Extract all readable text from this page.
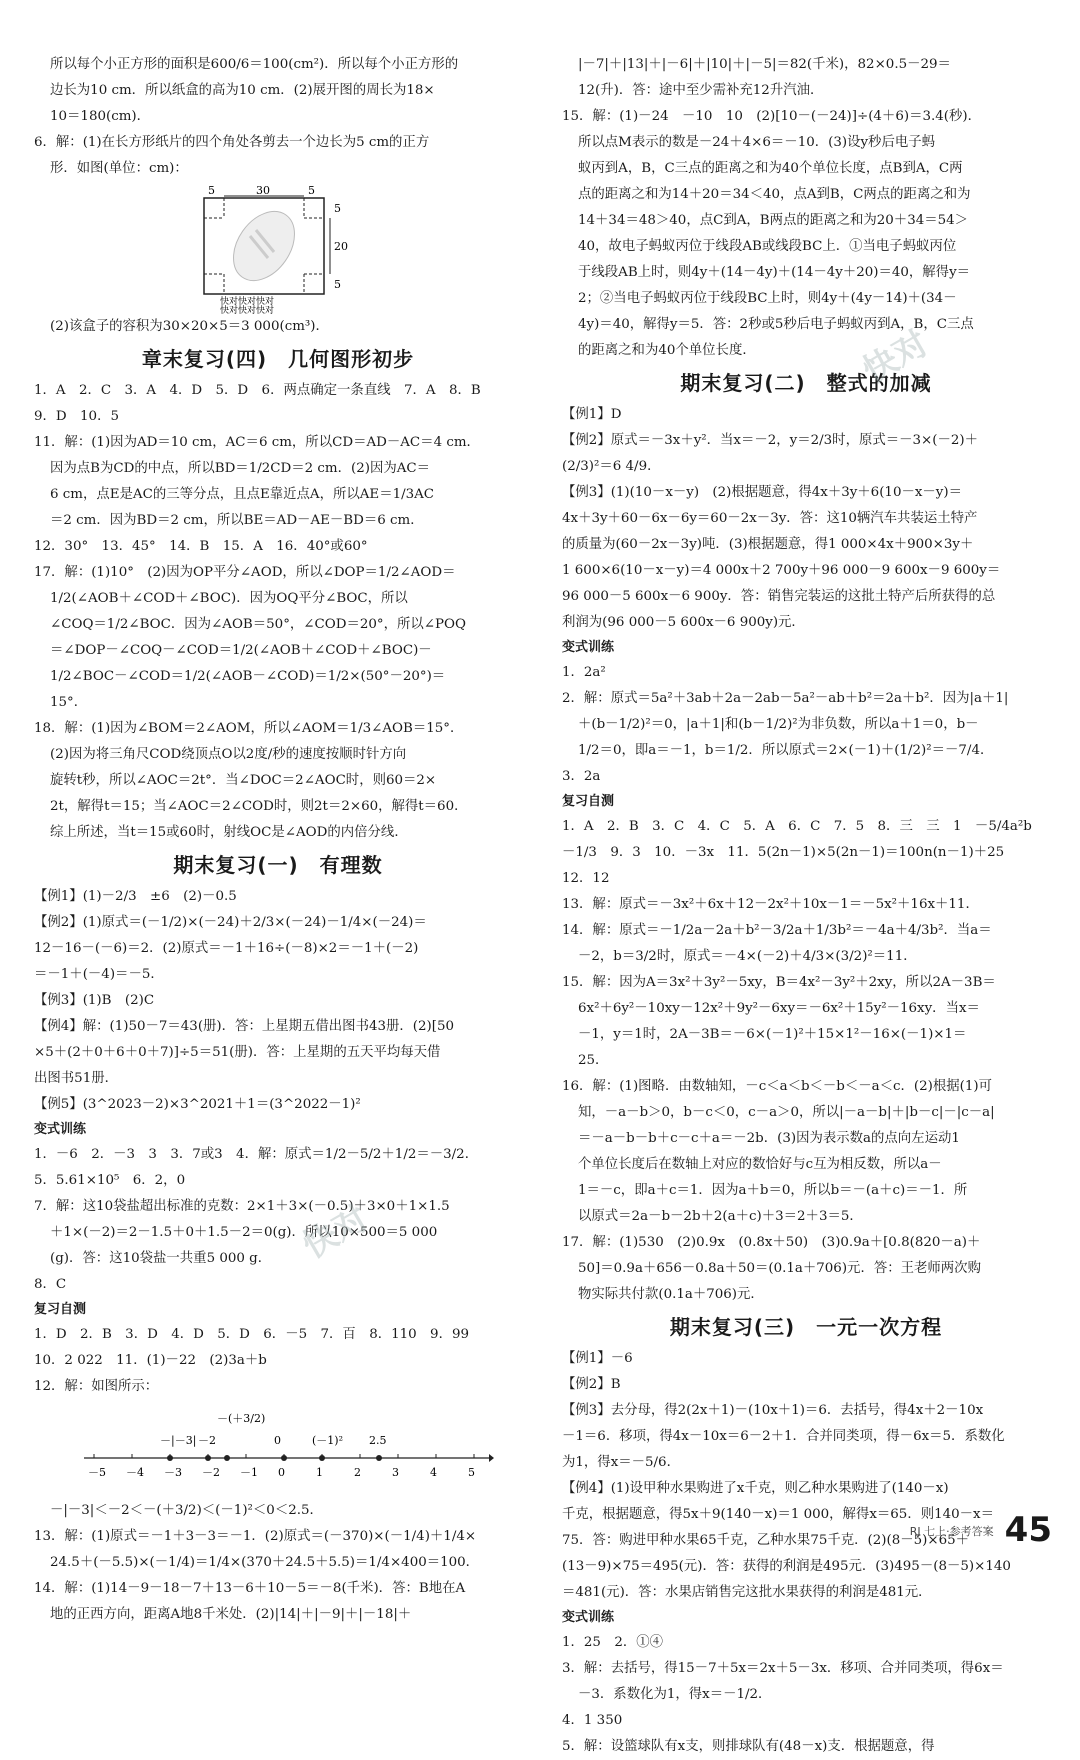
所以每个小正方形的面积是600/6＝100(cm²)．所以每个小正方形的
边长为10 cm．所以纸盒的高为10 cm．(2)展开图的周长为18×
10＝180(cm)．
6．解：(1)在长方形纸片的四个角处各剪去一个边长为5 cm的正方
形．如图(单位：cm)：
5	30	5
5
20
5
快对快对快对
快对快对快对
(2)该盒子的容积为30×20×5＝3 000(cm³)．
章末复习(四)　几何图形初步
1．A　2．C　3．A　4．D　5．D　6．两点确定一条直线　7．A　8．B
9．D　10．5
11．解：(1)因为AD＝10 cm，AC＝6 cm，所以CD＝AD－AC＝4 cm．
因为点B为CD的中点，所以BD＝1/2CD＝2 cm．(2)因为AC＝
6 cm，点E是AC的三等分点，且点E靠近点A，所以AE＝1/3AC
＝2 cm．因为BD＝2 cm，所以BE＝AD－AE－BD＝6 cm．
12．30°　13．45°　14．B　15．A　16．40°或60°
17．解：(1)10°　(2)因为OP平分∠AOD，所以∠DOP＝1/2∠AOD＝
1/2(∠AOB＋∠COD＋∠BOC)．因为OQ平分∠BOC，所以
∠COQ＝1/2∠BOC．因为∠AOB＝50°，∠COD＝20°，所以∠POQ
＝∠DOP－∠COQ－∠COD＝1/2(∠AOB＋∠COD＋∠BOC)－
1/2∠BOC－∠COD＝1/2(∠AOB－∠COD)＝1/2×(50°－20°)＝
15°．
18．解：(1)因为∠BOM＝2∠AOM，所以∠AOM＝1/3∠AOB＝15°．
(2)因为将三角尺COD绕顶点O以2度/秒的速度按顺时针方向
旋转t秒，所以∠AOC＝2t°．当∠DOC＝2∠AOC时，则60＝2×
2t，解得t＝15；当∠AOC＝2∠COD时，则2t＝2×60，解得t＝60．
综上所述，当t＝15或60时，射线OC是∠AOD的内倍分线．
期末复习(一)　有理数
【例1】(1)－2/3　±6　(2)－0.5
【例2】(1)原式＝(－1/2)×(－24)＋2/3×(－24)－1/4×(－24)＝
12－16－(－6)＝2．(2)原式＝－1＋16÷(－8)×2＝－1＋(－2)
＝－1＋(－4)＝－5．
【例3】(1)B　(2)C
【例4】解：(1)50－7＝43(册)．答：上星期五借出图书43册．(2)[50
×5＋(2＋0＋6＋0＋7)]÷5＝51(册)．答：上星期的五天平均每天借
出图书51册．
【例5】(3^2023－2)×3^2021＋1＝(3^2022－1)²
变式训练
1．－6　2．－3　3　3．7或3　4．解：原式＝1/2－5/2＋1/2＝－3/2．
5．5.61×10⁵　6．2，0
7．解：这10袋盐超出标准的克数：2×1＋3×(－0.5)＋3×0＋1×1.5
＋1×(－2)＝2－1.5＋0＋1.5－2＝0(g)．所以10×500＝5 000
(g)．答：这10袋盐一共重5 000 g．
8．C
复习自测
1．D　2．B　3．D　4．D　5．D　6．－5　7．百　8．110　9．99
10．2 022　11．(1)－22　(2)3a＋b
12．解：如图所示：
－5 －4 －3 －2 －1 0	1	2	3	4	5
－|－3| －2
－(＋3/2)
(－1)²
0	2.5
－|－3|＜－2＜－(＋3/2)＜(－1)²＜0＜2.5．
13．解：(1)原式＝－1＋3－3＝－1．(2)原式＝(－370)×(－1/4)＋1/4×
24.5＋(－5.5)×(－1/4)＝1/4×(370＋24.5＋5.5)＝1/4×400＝100．
14．解：(1)14－9－18－7＋13－6＋10－5＝－8(千米)．答：B地在A
地的正西方向，距离A地8千米处．(2)|14|＋|－9|＋|－18|＋
|－7|＋|13|＋|－6|＋|10|＋|－5|＝82(千米)，82×0.5－29＝
12(升)．答：途中至少需补充12升汽油．
15．解：(1)－24　－10　10　(2)[10－(－24)]÷(4＋6)＝3.4(秒)．
所以点M表示的数是－24＋4×6＝－10．(3)设y秒后电子蚂
蚁丙到A，B，C三点的距离之和为40个单位长度，点B到A，C两
点的距离之和为14＋20＝34＜40，点A到B，C两点的距离之和为
14＋34＝48＞40，点C到A，B两点的距离之和为20＋34＝54＞
40，故电子蚂蚁丙位于线段AB或线段BC上．①当电子蚂蚁丙位
于线段AB上时，则4y＋(14－4y)＋(14－4y＋20)＝40，解得y＝
2；②当电子蚂蚁丙位于线段BC上时，则4y＋(4y－14)＋(34－
4y)＝40，解得y＝5．答：2秒或5秒后电子蚂蚁丙到A，B，C三点
的距离之和为40个单位长度．
期末复习(二)　整式的加减
【例1】D
【例2】原式＝－3x＋y²．当x＝－2，y＝2/3时，原式＝－3×(－2)＋
(2/3)²＝6 4/9．
【例3】(1)(10－x－y)　(2)根据题意，得4x＋3y＋6(10－x－y)＝
4x＋3y＋60－6x－6y＝60－2x－3y．答：这10辆汽车共装运土特产
的质量为(60－2x－3y)吨．(3)根据题意，得1 000×4x＋900×3y＋
1 600×6(10－x－y)＝4 000x＋2 700y＋96 000－9 600x－9 600y＝
96 000－5 600x－6 900y．答：销售完装运的这批土特产后所获得的总
利润为(96 000－5 600x－6 900y)元．
变式训练
1．2a²
2．解：原式＝5a²＋3ab＋2a－2ab－5a²－ab＋b²＝2a＋b²．因为|a＋1|
＋(b－1/2)²＝0，|a＋1|和(b－1/2)²为非负数，所以a＋1＝0，b－
1/2＝0，即a＝－1，b＝1/2．所以原式＝2×(－1)＋(1/2)²＝－7/4．
3．2a
复习自测
1．A　2．B　3．C　4．C　5．A　6．C　7．5　8．三　三　1　－5/4a²b
－1/3　9．3　10．－3x　11．5(2n－1)×5(2n－1)＝100n(n－1)＋25
12．12
13．解：原式＝－3x²＋6x＋12－2x²＋10x－1＝－5x²＋16x＋11．
14．解：原式＝－1/2a－2a＋b²－3/2a＋1/3b²＝－4a＋4/3b²．当a＝
－2，b＝3/2时，原式＝－4×(－2)＋4/3×(3/2)²＝11．
15．解：因为A＝3x²＋3y²－5xy，B＝4x²－3y²＋2xy，所以2A－3B＝
6x²＋6y²－10xy－12x²＋9y²－6xy＝－6x²＋15y²－16xy．当x＝
－1，y＝1时，2A－3B＝－6×(－1)²＋15×1²－16×(－1)×1＝
25．
16．解：(1)图略．由数轴知，－c＜a＜b＜－b＜－a＜c．(2)根据(1)可
知，－a－b＞0，b－c＜0，c－a＞0，所以|－a－b|＋|b－c|－|c－a|
＝－a－b－b＋c－c＋a＝－2b．(3)因为表示数a的点向左运动1
个单位长度后在数轴上对应的数恰好与c互为相反数，所以a－
1＝－c，即a＋c＝1．因为a＋b＝0，所以b＝－(a＋c)＝－1．所
以原式＝2a－b－2b＋2(a＋c)＋3＝2＋3＝5．
17．解：(1)530　(2)0.9x　(0.8x＋50)　(3)0.9a＋[0.8(820－a)＋
50]＝0.9a＋656－0.8a＋50＝(0.1a＋706)元．答：王老师两次购
物实际共付款(0.1a＋706)元．
期末复习(三)　一元一次方程
【例1】－6
【例2】B
【例3】去分母，得2(2x＋1)－(10x＋1)＝6．去括号，得4x＋2－10x
－1＝6．移项，得4x－10x＝6－2＋1．合并同类项，得－6x＝5．系数化
为1，得x＝－5/6．
【例4】(1)设甲种水果购进了x千克，则乙种水果购进了(140－x)
千克，根据题意，得5x＋9(140－x)＝1 000，解得x＝65．则140－x＝
75．答：购进甲种水果65千克，乙种水果75千克．(2)(8－5)×65＋
(13－9)×75＝495(元)．答：获得的利润是495元．(3)495－(8－5)×140
＝481(元)．答：水果店销售完这批水果获得的利润是481元．
变式训练
1．25　2．①④
3．解：去括号，得15－7＋5x＝2x＋5－3x．移项、合并同类项，得6x＝
－3．系数化为1，得x＝－1/2．
4．1 350
5．解：设篮球队有x支，则排球队有(48－x)支．根据题意，得
快对
快对
RJ 七上·参考答案 45
